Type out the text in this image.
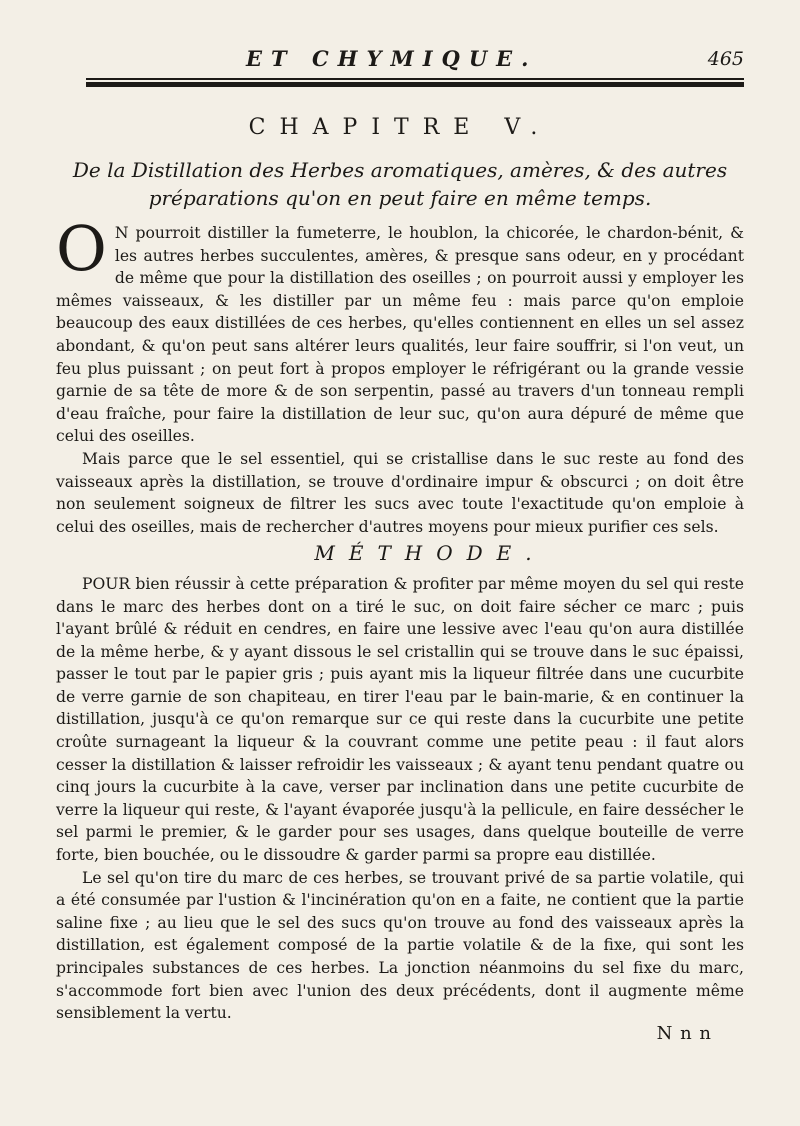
ET CHYMIQUE.	465
CHAPITRE V.
De la Distillation des Herbes aromatiques, amères, & des autres préparations qu'on en peut faire en même temps.

ON pourroit distiller la fumeterre, le houblon, la chicorée, le chardon-bénit, & les autres herbes succulentes, amères, & presque sans odeur, en y procédant de même que pour la distillation des oseilles ; on pourroit aussi y employer les mêmes vaisseaux, & les distiller par un même feu : mais parce qu'on emploie beaucoup des eaux distillées de ces herbes, qu'elles contiennent en elles un sel assez abondant, & qu'on peut sans altérer leurs qualités, leur faire souffrir, si l'on veut, un feu plus puissant ; on peut fort à propos employer le réfrigérant ou la grande vessie garnie de sa tête de more & de son serpentin, passé au travers d'un tonneau rempli d'eau fraîche, pour faire la distillation de leur suc, qu'on aura dépuré de même que celui des oseilles.

Mais parce que le sel essentiel, qui se cristallise dans le suc reste au fond des vaisseaux après la distillation, se trouve d'ordinaire impur & obscurci ; on doit être non seulement soigneux de filtrer les sucs avec toute l'exactitude qu'on emploie à celui des oseilles, mais de rechercher d'autres moyens pour mieux purifier ces sels.

MÉTHODE.

POUR bien réussir à cette préparation & profiter par même moyen du sel qui reste dans le marc des herbes dont on a tiré le suc, on doit faire sécher ce marc ; puis l'ayant brûlé & réduit en cendres, en faire une lessive avec l'eau qu'on aura distillée de la même herbe, & y ayant dissous le sel cristallin qui se trouve dans le suc épaissi, passer le tout par le papier gris ; puis ayant mis la liqueur filtrée dans une cucurbite de verre garnie de son chapiteau, en tirer l'eau par le bain-marie, & en continuer la distillation, jusqu'à ce qu'on remarque sur ce qui reste dans la cucurbite une petite croûte surnageant la liqueur & la couvrant comme une petite peau : il faut alors cesser la distillation & laisser refroidir les vaisseaux ; & ayant tenu pendant quatre ou cinq jours la cucurbite à la cave, verser par inclination dans une petite cucurbite de verre la liqueur qui reste, & l'ayant évaporée jusqu'à la pellicule, en faire dessécher le sel parmi le premier, & le garder pour ses usages, dans quelque bouteille de verre forte, bien bouchée, ou le dissoudre & garder parmi sa propre eau distillée.

Le sel qu'on tire du marc de ces herbes, se trouvant privé de sa partie volatile, qui a été consumée par l'ustion & l'incinération qu'on en a faite, ne contient que la partie saline fixe ; au lieu que le sel des sucs qu'on trouve au fond des vaisseaux après la distillation, est également composé de la partie volatile & de la fixe, qui sont les principales substances de ces herbes. La jonction néanmoins du sel fixe du marc, s'accommode fort bien avec l'union des deux précédents, dont il augmente même sensiblement la vertu.

N n n
